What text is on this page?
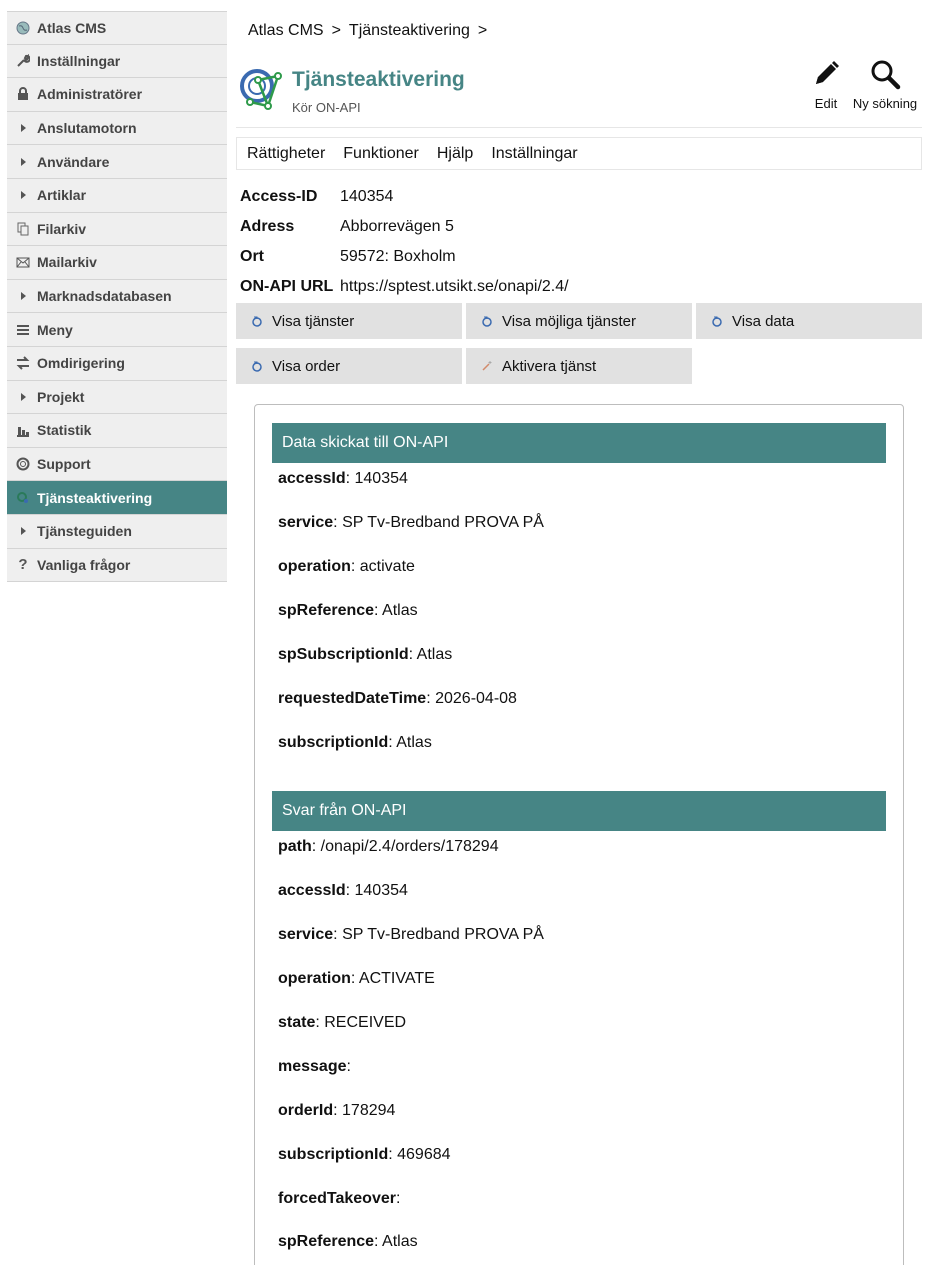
Atlas CMS
Inställningar
Administratörer
Anslutamotorn
Användare
Artiklar
Filarkiv
Mailarkiv
Marknadsdatabasen
Meny
Omdirigering
Projekt
Statistik
Support
Tjänsteaktivering
Tjänsteguiden
? Vanliga frågor
Atlas CMS > Tjänsteaktivering >
Tjänsteaktivering
Kör ON-API	Edit Ny sökning
Rättigheter Funktioner Hjälp Inställningar
Access-ID	140354
Adress	Abborrevägen 5
Ort	59572: Boxholm
ON-API URL https://sptest.utsikt.se/onapi/2.4/
Visa tjänster	Visa möjliga tjänster	Visa data
Visa order	Aktivera tjänst
Data skickat till ON-API
accessId: 140354
service: SP Tv-Bredband PROVA PÅ
operation: activate
spReference: Atlas
spSubscriptionId: Atlas
requestedDateTime: 2026-04-08
subscriptionId: Atlas
Svar från ON-API
path: /onapi/2.4/orders/178294
accessId: 140354
service: SP Tv-Bredband PROVA PÅ
operation: ACTIVATE
state: RECEIVED
message:
orderId: 178294
subscriptionId: 469684
forcedTakeover:
spReference: Atlas
